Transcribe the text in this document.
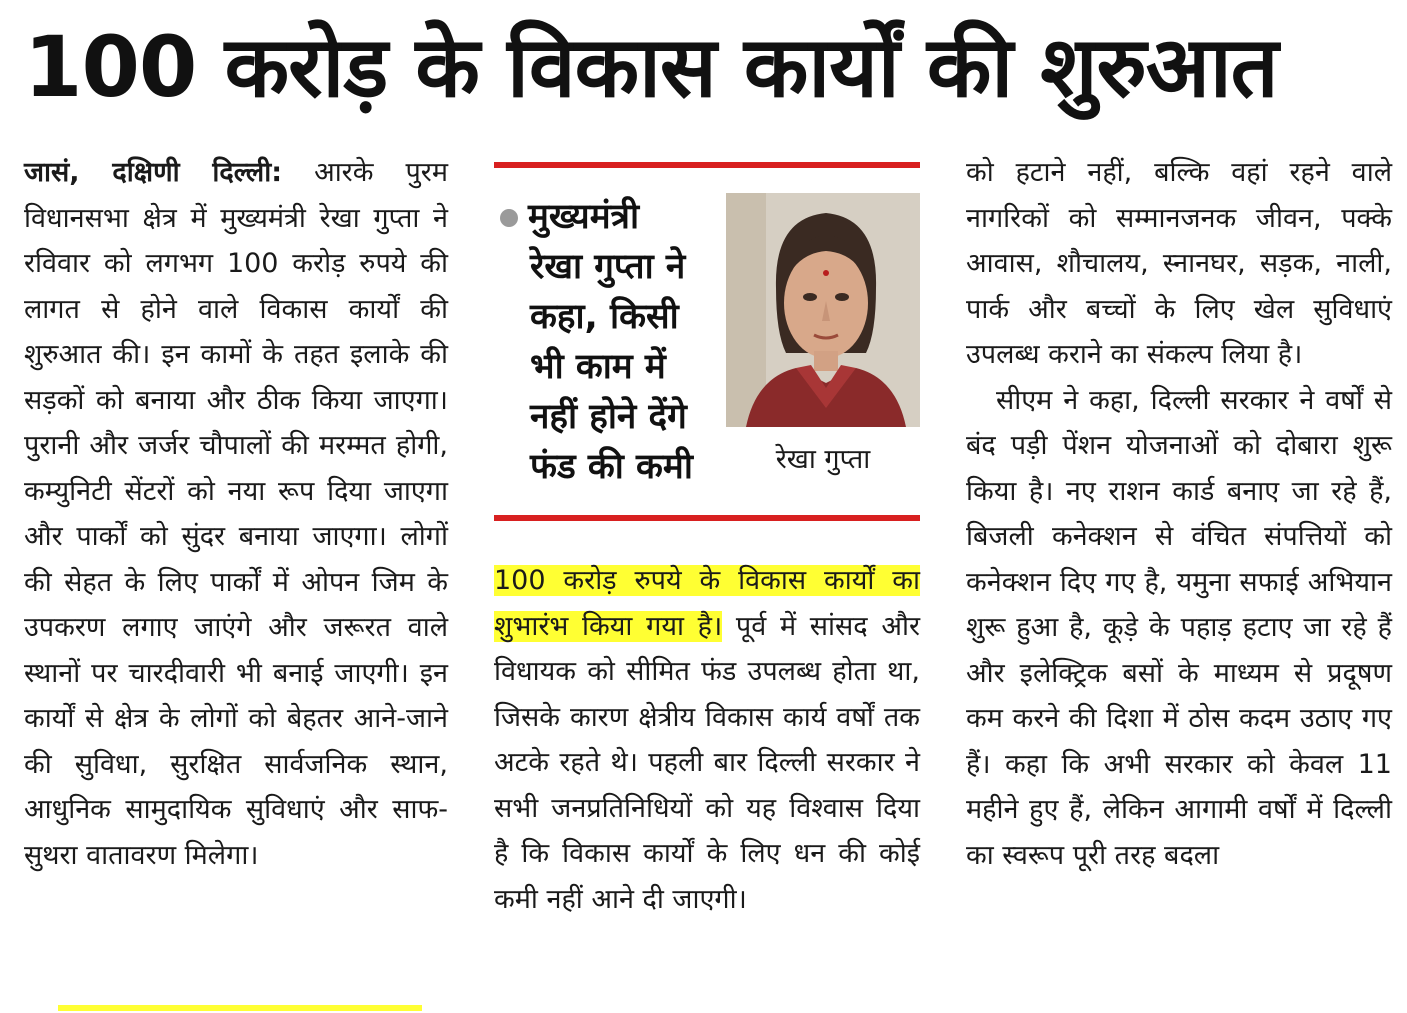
100 करोड़ के विकास कार्यों की शुरुआत
जासं, दक्षिणी दिल्ली: आरके पुरम विधानसभा क्षेत्र में मुख्यमंत्री रेखा गुप्ता ने रविवार को लगभग 100 करोड़ रुपये की लागत से होने वाले विकास कार्यों की शुरुआत की। इन कामों के तहत इलाके की सड़कों को बनाया और ठीक किया जाएगा। पुरानी और जर्जर चौपालों की मरम्मत होगी, कम्युनिटी सेंटरों को नया रूप दिया जाएगा और पार्कों को सुंदर बनाया जाएगा। लोगों की सेहत के लिए पार्कों में ओपन जिम के उपकरण लगाए जाएंगे और जरूरत वाले स्थानों पर चारदीवारी भी बनाई जाएगी। इन कार्यों से क्षेत्र के लोगों को बेहतर आने-जाने की सुविधा, सुरक्षित सार्वजनिक स्थान, आधुनिक सामुदायिक सुविधाएं और साफ-सुथरा वातावरण मिलेगा।
मुख्यमंत्री
रेखा गुप्ता ने
कहा, किसी
भी काम में
नहीं होने देंगे
फंड की कमी	रेखा गुप्ता
100 करोड़ रुपये के विकास कार्यों का शुभारंभ किया गया है। पूर्व में सांसद और विधायक को सीमित फंड उपलब्ध होता था, जिसके कारण क्षेत्रीय विकास कार्य वर्षों तक अटके रहते थे। पहली बार दिल्ली सरकार ने सभी जनप्रतिनिधियों को यह विश्वास दिया है कि विकास कार्यों के लिए धन की कोई कमी नहीं आने दी जाएगी।
को हटाने नहीं, बल्कि वहां रहने वाले नागरिकों को सम्मानजनक जीवन, पक्के आवास, शौचालय, स्नानघर, सड़क, नाली, पार्क और बच्चों के लिए खेल सुविधाएं उपलब्ध कराने का संकल्प लिया है।
सीएम ने कहा, दिल्ली सरकार ने वर्षों से बंद पड़ी पेंशन योजनाओं को दोबारा शुरू किया है। नए राशन कार्ड बनाए जा रहे हैं, बिजली कनेक्शन से वंचित संपत्तियों को कनेक्शन दिए गए है, यमुना सफाई अभियान शुरू हुआ है, कूड़े के पहाड़ हटाए जा रहे हैं और इलेक्ट्रिक बसों के माध्यम से प्रदूषण कम करने की दिशा में ठोस कदम उठाए गए हैं। कहा कि अभी सरकार को केवल 11 महीने हुए हैं, लेकिन आगामी वर्षों में दिल्ली का स्वरूप पूरी तरह बदला
